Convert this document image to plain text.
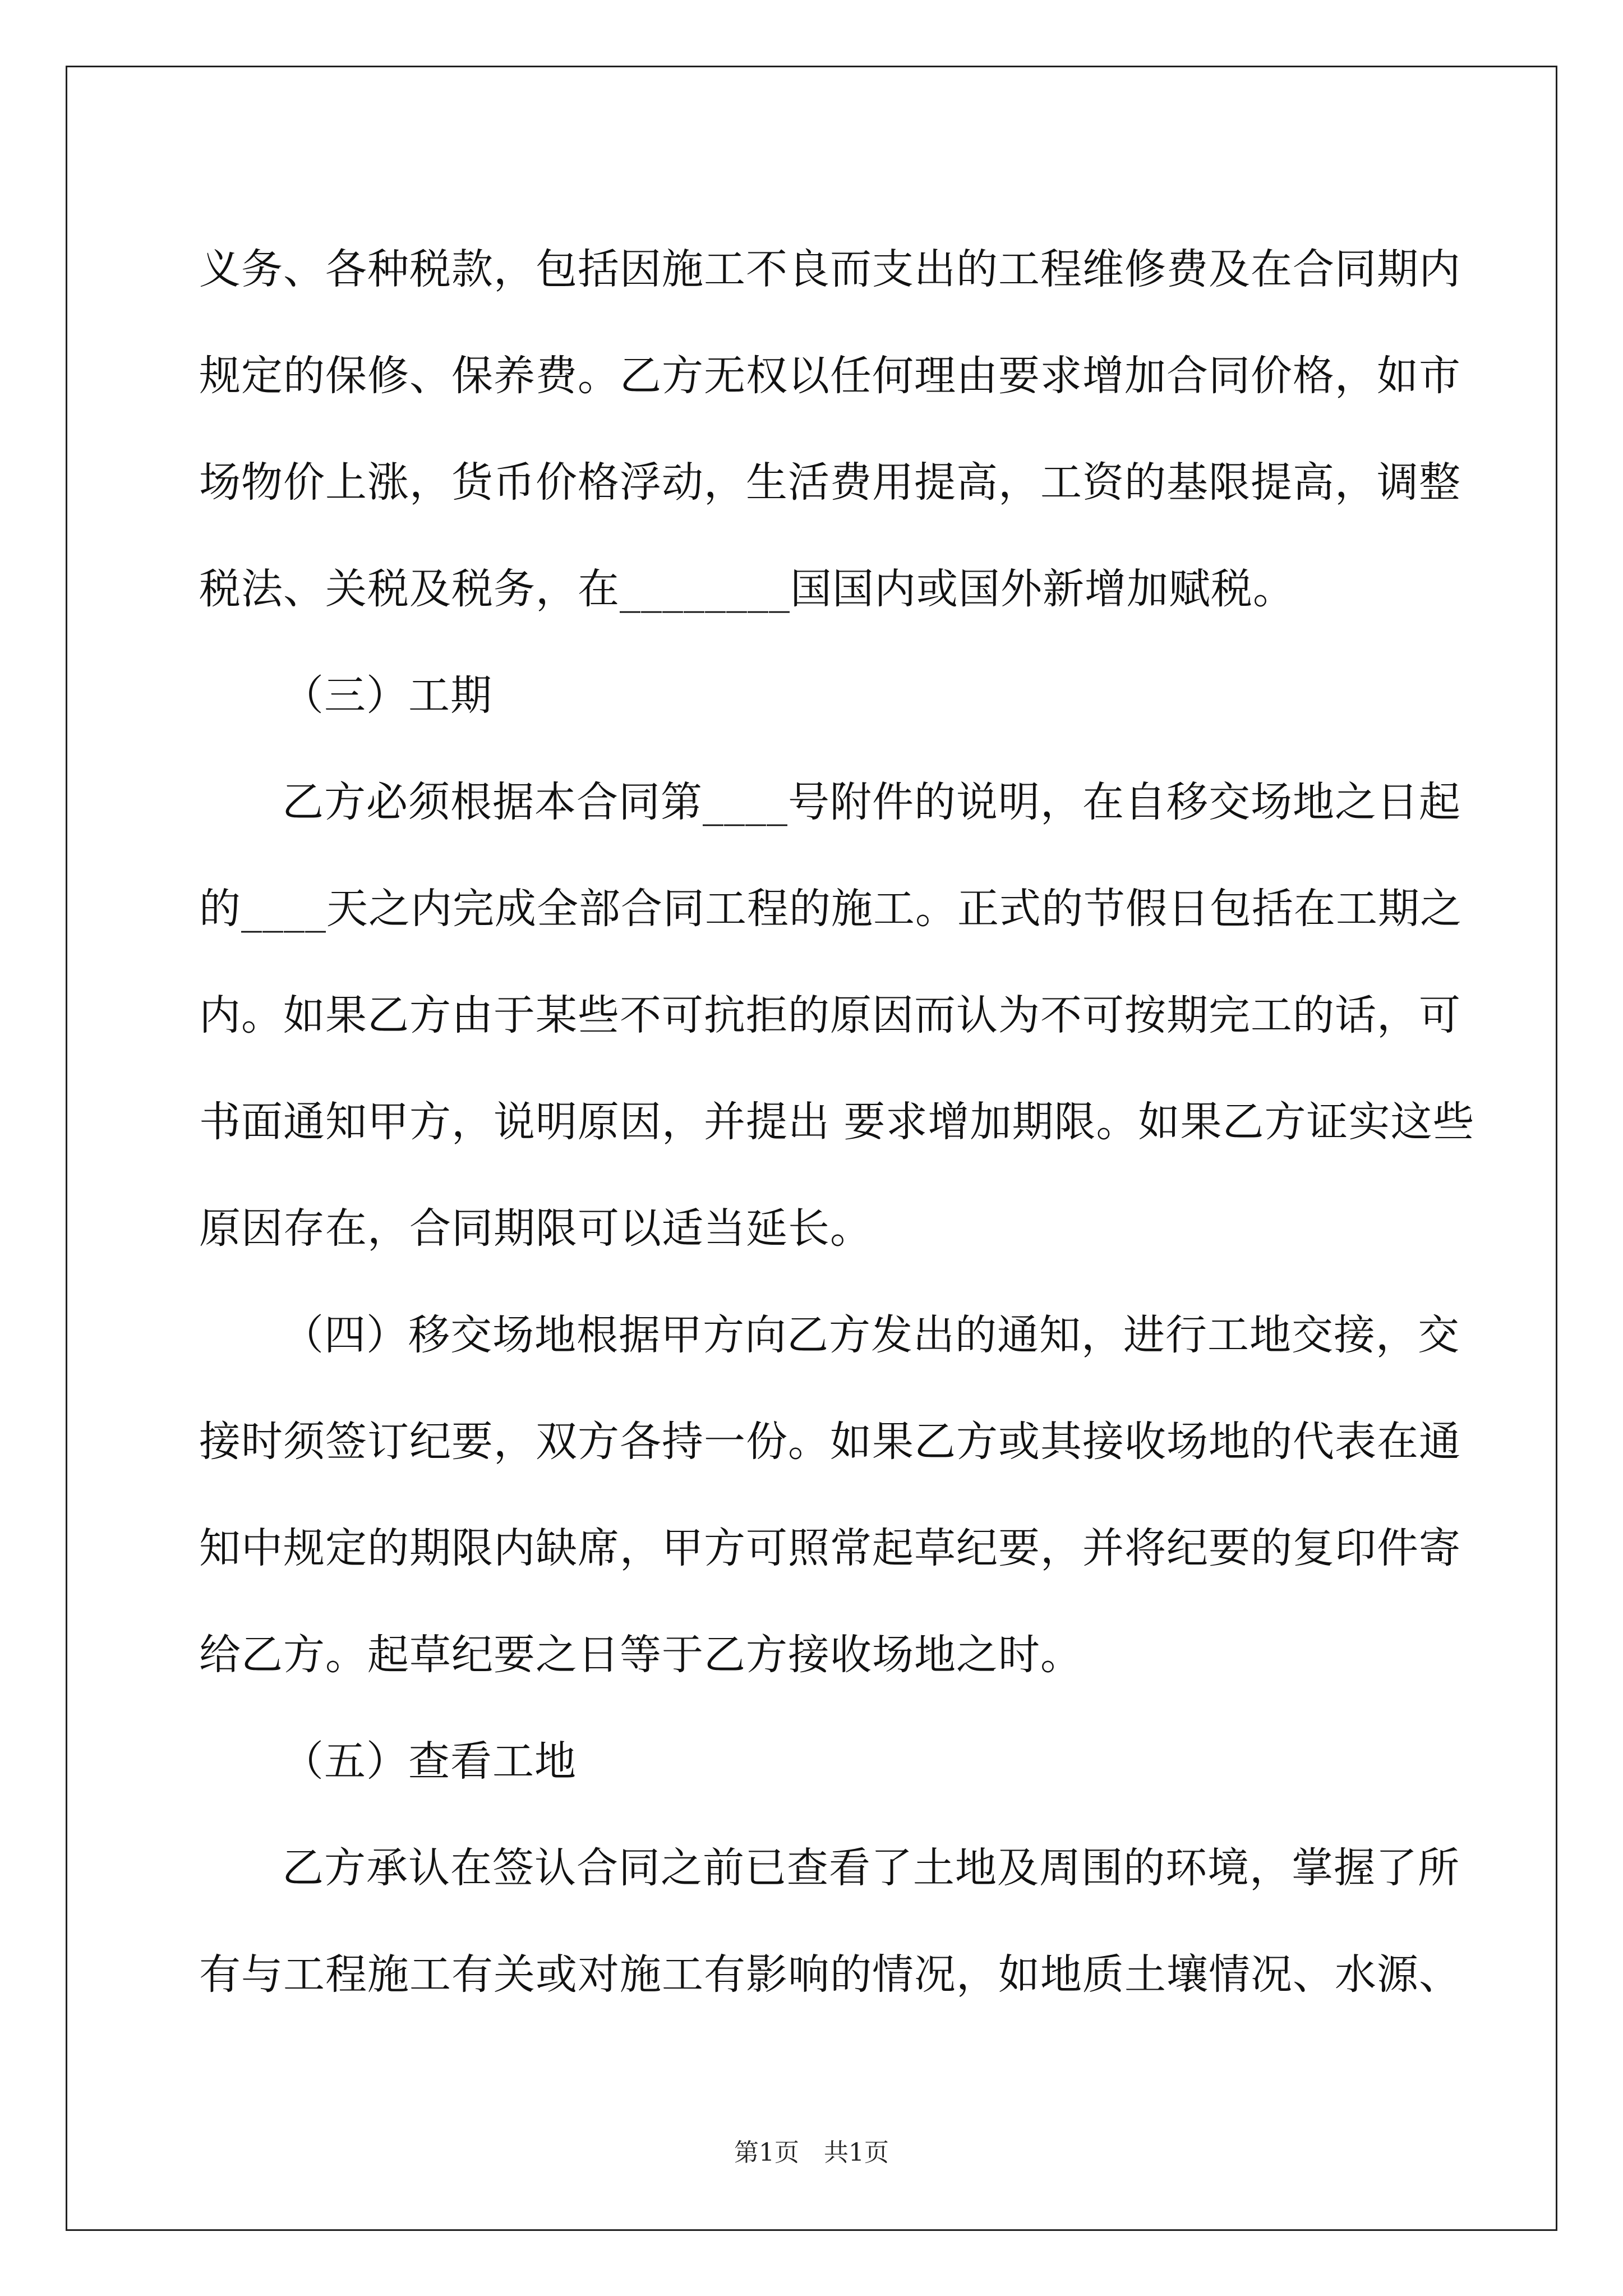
义务、各种税款，包括因施工不良而支出的工程维修费及在合同期内
规定的保修、保养费。乙方无权以任何理由要求增加合同价格，如市
场物价上涨，货币价格浮动，生活费用提高，工资的基限提高，调整
税法、关税及税务，在________国国内或国外新增加赋税。
（三）工期
乙方必须根据本合同第____号附件的说明，在自移交场地之日起
的____天之内完成全部合同工程的施工。正式的节假日包括在工期之
内。如果乙方由于某些不可抗拒的原因而认为不可按期完工的话，可
书面通知甲方，说明原因，并提出 要求增加期限。如果乙方证实这些
原因存在，合同期限可以适当延长。
（四）移交场地根据甲方向乙方发出的通知，进行工地交接，交
接时须签订纪要，双方各持一份。如果乙方或其接收场地的代表在通
知中规定的期限内缺席，甲方可照常起草纪要，并将纪要的复印件寄
给乙方。起草纪要之日等于乙方接收场地之时。
（五）查看工地
乙方承认在签认合同之前已查看了土地及周围的环境，掌握了所
有与工程施工有关或对施工有影响的情况，如地质土壤情况、水源、
第1页　共1页
